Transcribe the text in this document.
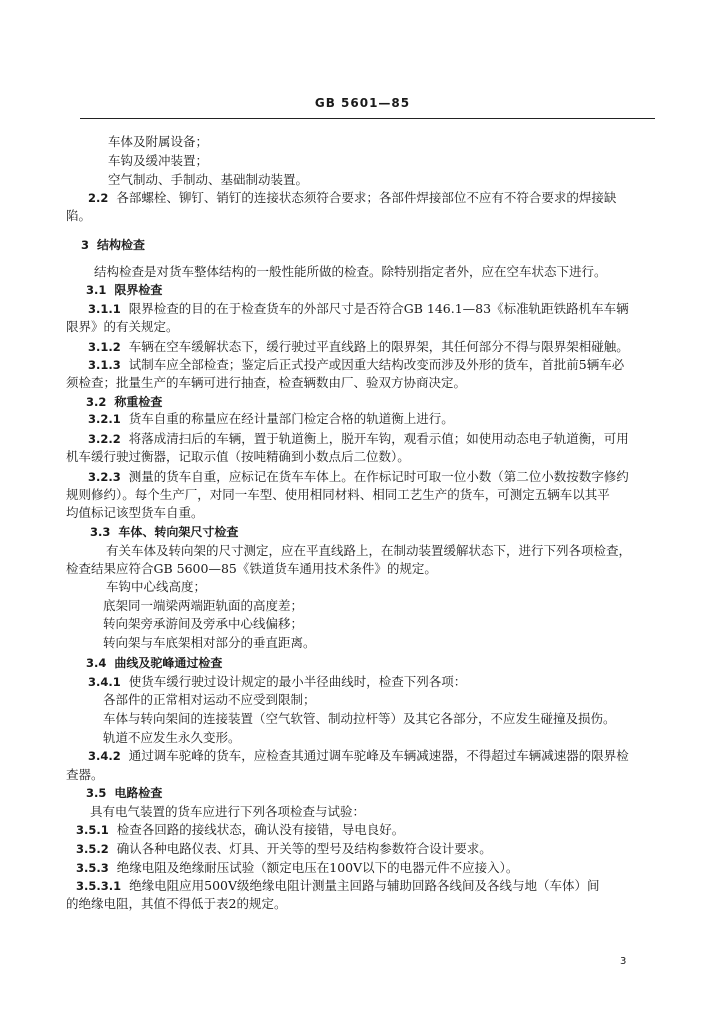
GB 5601—85
车体及附属设备；
车钩及缓冲装置；
空气制动、手制动、基础制动装置。
2.2 各部螺栓、铆钉、销钉的连接状态须符合要求；各部件焊接部位不应有不符合要求的焊接缺
陷。
3 结构检查
结构检查是对货车整体结构的一般性能所做的检查。除特别指定者外，应在空车状态下进行。
3.1 限界检查
3.1.1 限界检查的目的在于检查货车的外部尺寸是否符合GB 146.1—83《标准轨距铁路机车车辆
限界》的有关规定。
3.1.2 车辆在空车缓解状态下，缓行驶过平直线路上的限界架，其任何部分不得与限界架相碰触。
3.1.3 试制车应全部检查；鉴定后正式投产或因重大结构改变而涉及外形的货车，首批前5辆车必
须检查；批量生产的车辆可进行抽查，检查辆数由厂、验双方协商决定。
3.2 称重检查
3.2.1 货车自重的称量应在经计量部门检定合格的轨道衡上进行。
3.2.2 将落成清扫后的车辆，置于轨道衡上，脱开车钩，观看示值；如使用动态电子轨道衡，可用
机车缓行驶过衡器，记取示值（按吨精确到小数点后二位数）。
3.2.3 测量的货车自重，应标记在货车车体上。在作标记时可取一位小数（第二位小数按数字修约
规则修约）。每个生产厂，对同一车型、使用相同材料、相同工艺生产的货车，可测定五辆车以其平
均值标记该型货车自重。
3.3 车体、转向架尺寸检查
有关车体及转向架的尺寸测定，应在平直线路上，在制动装置缓解状态下，进行下列各项检查，
检查结果应符合GB 5600—85《铁道货车通用技术条件》的规定。
车钩中心线高度；
底架同一端梁两端距轨面的高度差；
转向架旁承游间及旁承中心线偏移；
转向架与车底架相对部分的垂直距离。
3.4 曲线及驼峰通过检查
3.4.1 使货车缓行驶过设计规定的最小半径曲线时，检查下列各项：
各部件的正常相对运动不应受到限制；
车体与转向架间的连接装置（空气软管、制动拉杆等）及其它各部分，不应发生碰撞及损伤。
轨道不应发生永久变形。
3.4.2 通过调车驼峰的货车，应检查其通过调车驼峰及车辆减速器，不得超过车辆减速器的限界检
查器。
3.5 电路检查
具有电气装置的货车应进行下列各项检查与试验：
3.5.1 检查各回路的接线状态，确认没有接错，导电良好。
3.5.2 确认各种电路仪表、灯具、开关等的型号及结构参数符合设计要求。
3.5.3 绝缘电阻及绝缘耐压试验（额定电压在100V以下的电器元件不应接入）。
3.5.3.1 绝缘电阻应用500V级绝缘电阻计测量主回路与辅助回路各线间及各线与地（车体）间
的绝缘电阻，其值不得低于表2的规定。
3
